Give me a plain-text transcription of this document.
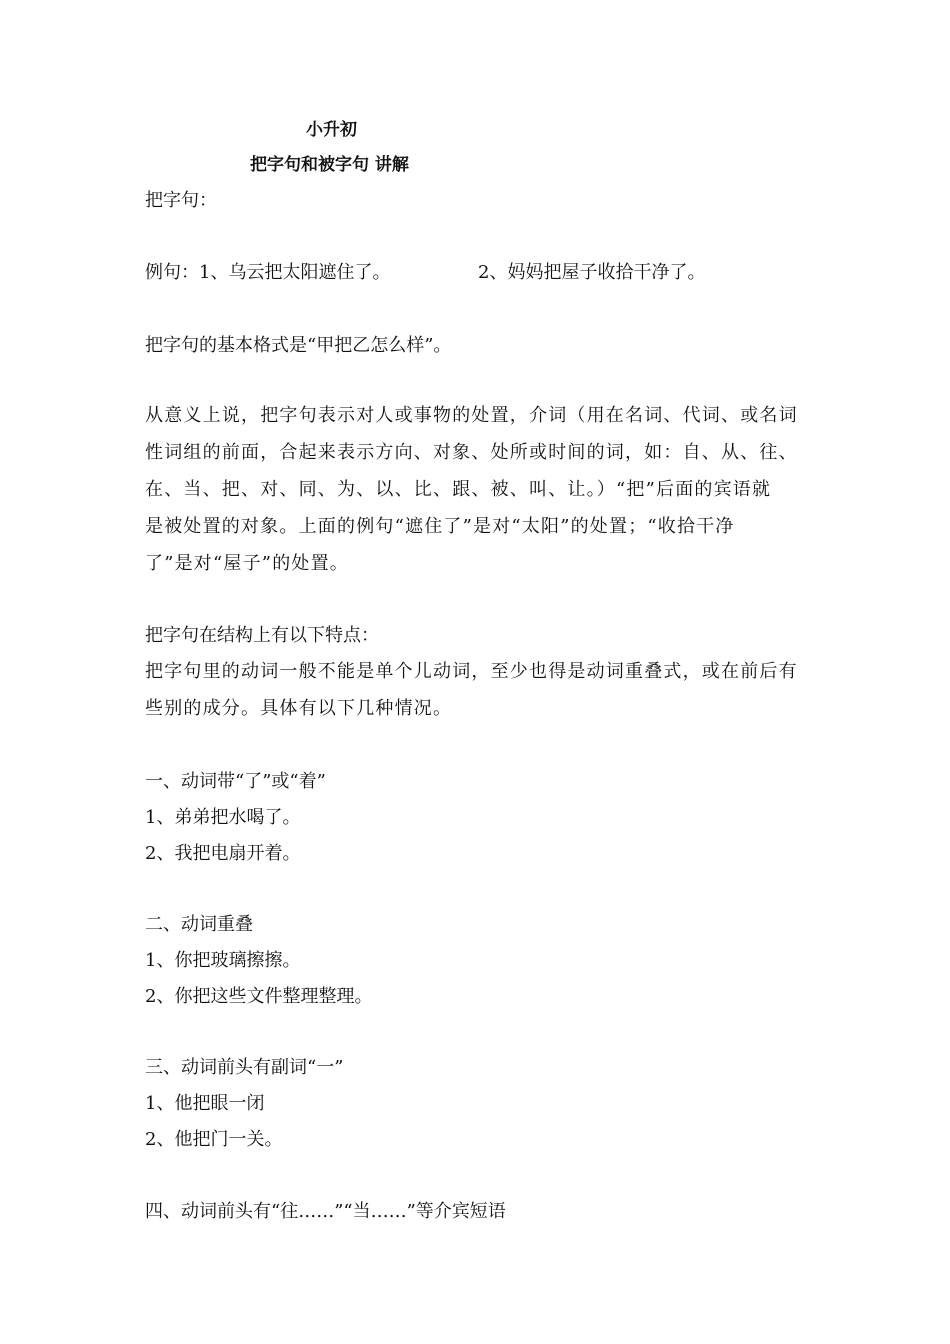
小升初
把字句和被字句 讲解
把字句：
例句：1、乌云把太阳遮住了。	2、妈妈把屋子收拾干净了。
把字句的基本格式是“甲把乙怎么样”。
从意义上说，把字句表示对人或事物的处置，介词（用在名词、代词、或名词
性词组的前面，合起来表示方向、对象、处所或时间的词，如：自、从、往、
在、当、把、对、同、为、以、比、跟、被、叫、让。）“把”后面的宾语就
是被处置的对象。上面的例句“遮住了”是对“太阳”的处置；“收拾干净
了”是对“屋子”的处置。
把字句在结构上有以下特点：
把字句里的动词一般不能是单个儿动词，至少也得是动词重叠式，或在前后有
些别的成分。具体有以下几种情况。
一、动词带“了”或“着”
1、弟弟把水喝了。
2、我把电扇开着。
二、动词重叠
1、你把玻璃擦擦。
2、你把这些文件整理整理。
三、动词前头有副词“一”
1、他把眼一闭
2、他把门一关。
四、动词前头有“往……”“当……”等介宾短语
